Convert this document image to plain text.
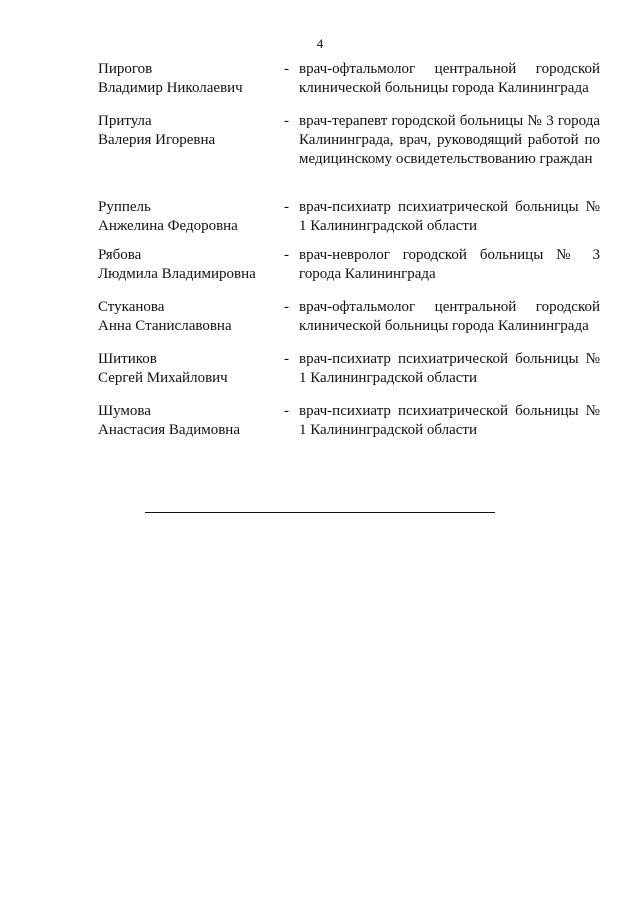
4
Пирогов
Владимир Николаевич
- врач-офтальмолог центральной городской клинической больницы города Калининграда
Притула
Валерия Игоревна
- врач-терапевт городской больницы № 3 города Калининграда, врач, руководящий работой по медицинскому освидетельствованию граждан
Руппель
Анжелина Федоровна
- врач-психиатр психиатрической больницы № 1 Калининградской области
Рябова
Людмила Владимировна
- врач-невролог городской больницы № 3 города Калининграда
Стуканова
Анна Станиславовна
- врач-офтальмолог центральной городской клинической больницы города Калининграда
Шитиков
Сергей Михайлович
- врач-психиатр психиатрической больницы № 1 Калининградской области
Шумова
Анастасия Вадимовна
- врач-психиатр психиатрической больницы № 1 Калининградской области
